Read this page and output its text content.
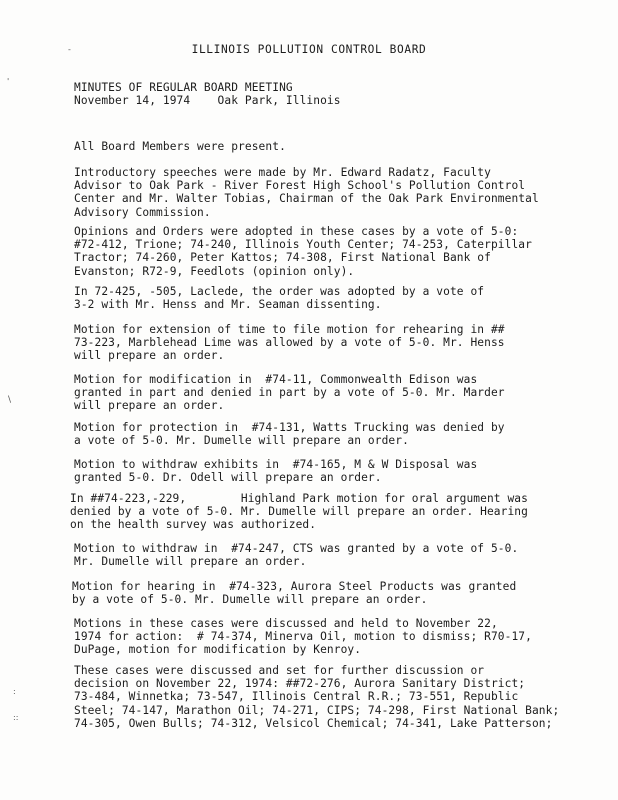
-
'
\
:
::
ILLINOIS POLLUTION CONTROL BOARD
MINUTES OF REGULAR BOARD MEETING
November 14, 1974    Oak Park, Illinois
All Board Members were present.
Introductory speeches were made by Mr. Edward Radatz, Faculty
Advisor to Oak Park - River Forest High School's Pollution Control
Center and Mr. Walter Tobias, Chairman of the Oak Park Environmental
Advisory Commission.
Opinions and Orders were adopted in these cases by a vote of 5-0:
#72-412, Trione; 74-240, Illinois Youth Center; 74-253, Caterpillar
Tractor; 74-260, Peter Kattos; 74-308, First National Bank of
Evanston; R72-9, Feedlots (opinion only).
In 72-425, -505, Laclede, the order was adopted by a vote of
3-2 with Mr. Henss and Mr. Seaman dissenting.
Motion for extension of time to file motion for rehearing in ##
73-223, Marblehead Lime was allowed by a vote of 5-0. Mr. Henss
will prepare an order.
Motion for modification in  #74-11, Commonwealth Edison was
granted in part and denied in part by a vote of 5-0. Mr. Marder
will prepare an order.
Motion for protection in  #74-131, Watts Trucking was denied by
a vote of 5-0. Mr. Dumelle will prepare an order.
Motion to withdraw exhibits in  #74-165, M & W Disposal was
granted 5-0. Dr. Odell will prepare an order.
In ##74-223,-229,        Highland Park motion for oral argument was
denied by a vote of 5-0. Mr. Dumelle will prepare an order. Hearing
on the health survey was authorized.
Motion to withdraw in  #74-247, CTS was granted by a vote of 5-0.
Mr. Dumelle will prepare an order.
Motion for hearing in  #74-323, Aurora Steel Products was granted
by a vote of 5-0. Mr. Dumelle will prepare an order.
Motions in these cases were discussed and held to November 22,
1974 for action:  # 74-374, Minerva Oil, motion to dismiss; R70-17,
DuPage, motion for modification by Kenroy.
These cases were discussed and set for further discussion or
decision on November 22, 1974: ##72-276, Aurora Sanitary District;
73-484, Winnetka; 73-547, Illinois Central R.R.; 73-551, Republic
Steel; 74-147, Marathon Oil; 74-271, CIPS; 74-298, First National Bank;
74-305, Owen Bulls; 74-312, Velsicol Chemical; 74-341, Lake Patterson;
